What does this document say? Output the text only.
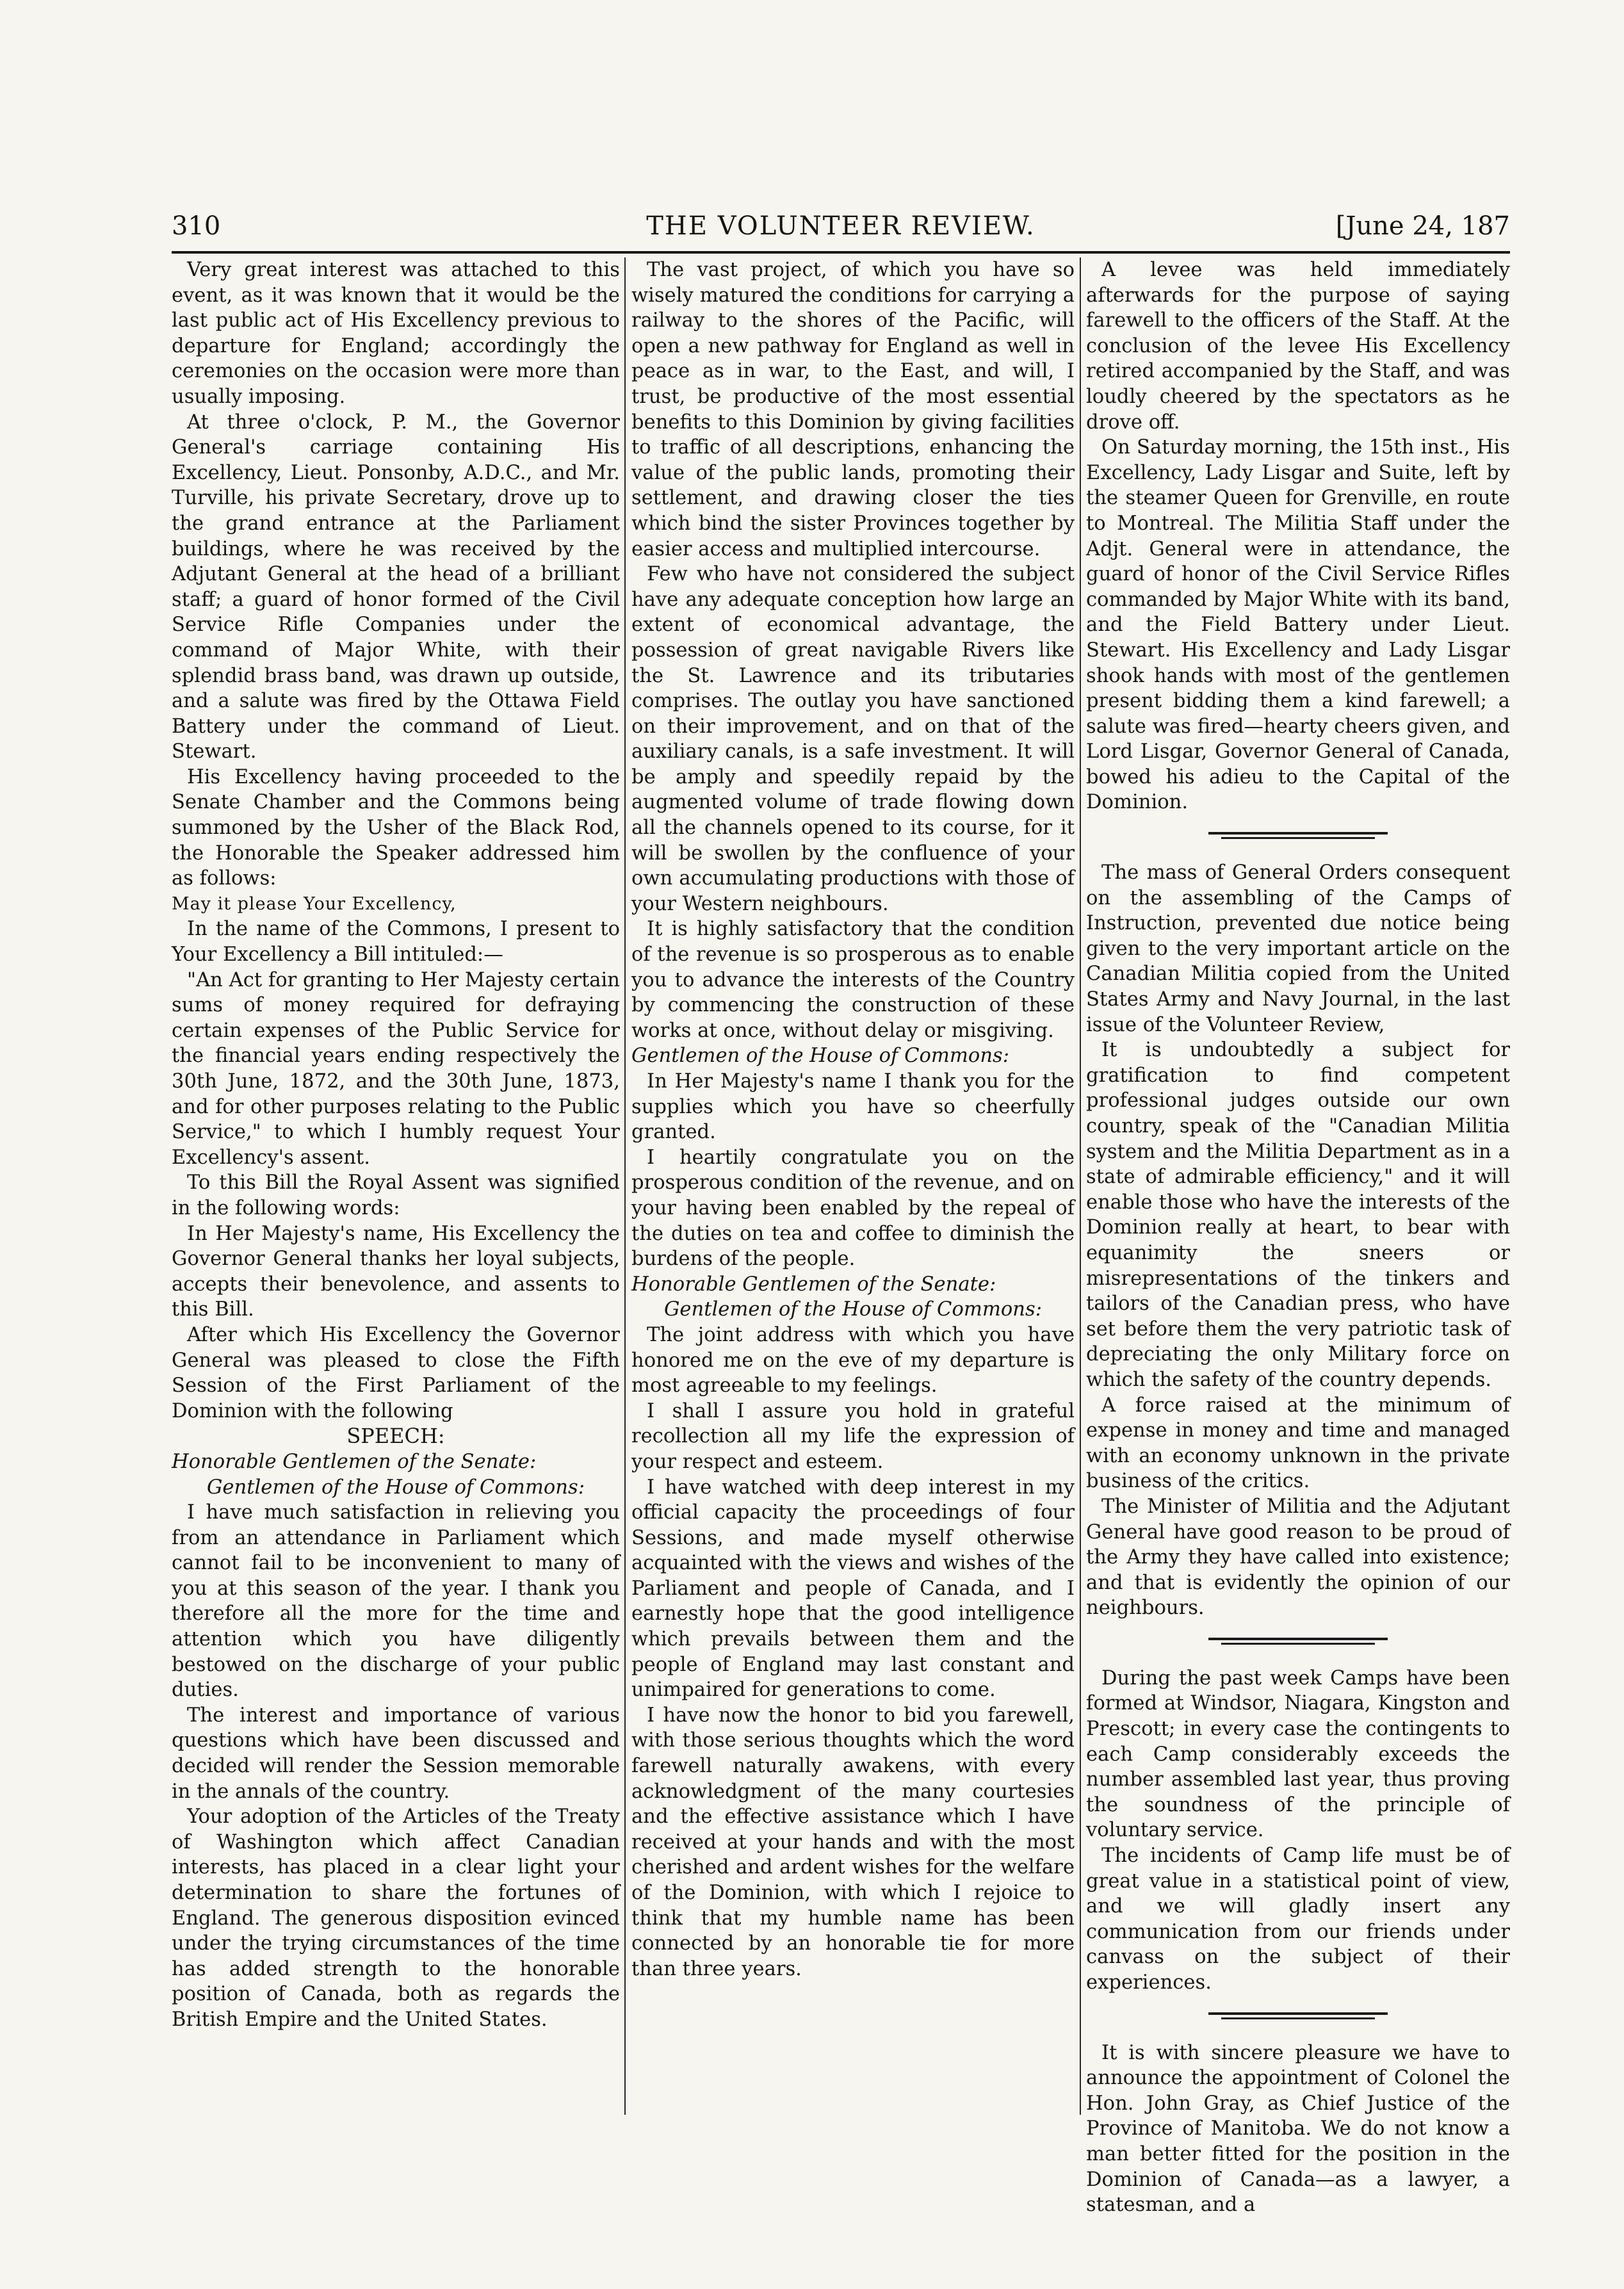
310	THE VOLUNTEER REVIEW.	[June 24, 187

Very great interest was attached to this event, as it was known that it would be the last public act of His Excellency previous to departure for England; accordingly the ceremonies on the occasion were more than usually imposing.

At three o'clock, P. M., the Governor General's carriage containing His Excellency, Lieut. Ponsonby, A.D.C., and Mr. Turville, his private Secretary, drove up to the grand entrance at the Parliament buildings, where he was received by the Adjutant General at the head of a brilliant staff; a guard of honor formed of the Civil Service Rifle Companies under the command of Major White, with their splendid brass band, was drawn up outside, and a salute was fired by the Ottawa Field Battery under the command of Lieut. Stewart.

His Excellency having proceeded to the Senate Chamber and the Commons being summoned by the Usher of the Black Rod, the Honorable the Speaker addressed him as follows:

May it please Your Excellency,

In the name of the Commons, I present to Your Excellency a Bill intituled:—

"An Act for granting to Her Majesty certain sums of money required for defraying certain expenses of the Public Service for the financial years ending respectively the 30th June, 1872, and the 30th June, 1873, and for other purposes relating to the Public Service," to which I humbly request Your Excellency's assent.

To this Bill the Royal Assent was signified in the following words:

In Her Majesty's name, His Excellency the Governor General thanks her loyal subjects, accepts their benevolence, and assents to this Bill.

After which His Excellency the Governor General was pleased to close the Fifth Session of the First Parliament of the Dominion with the following

SPEECH:

Honorable Gentlemen of the Senate:

Gentlemen of the House of Commons:

I have much satisfaction in relieving you from an attendance in Parliament which cannot fail to be inconvenient to many of you at this season of the year. I thank you therefore all the more for the time and attention which you have diligently bestowed on the discharge of your public duties.

The interest and importance of various questions which have been discussed and decided will render the Session memorable in the annals of the country.

Your adoption of the Articles of the Treaty of Washington which affect Canadian interests, has placed in a clear light your determination to share the fortunes of England. The generous disposition evinced under the trying circumstances of the time has added strength to the honorable position of Canada, both as regards the British Empire and the United States.

The vast project, of which you have so wisely matured the conditions for carrying a railway to the shores of the Pacific, will open a new pathway for England as well in peace as in war, to the East, and will, I trust, be productive of the most essential benefits to this Dominion by giving facilities to traffic of all descriptions, enhancing the value of the public lands, promoting their settlement, and drawing closer the ties which bind the sister Provinces together by easier access and multiplied intercourse.

Few who have not considered the subject have any adequate conception how large an extent of economical advantage, the possession of great navigable Rivers like the St. Lawrence and its tributaries comprises. The outlay you have sanctioned on their improvement, and on that of the auxiliary canals, is a safe investment. It will be amply and speedily repaid by the augmented volume of trade flowing down all the channels opened to its course, for it will be swollen by the confluence of your own accumulating productions with those of your Western neighbours.

It is highly satisfactory that the condition of the revenue is so prosperous as to enable you to advance the interests of the Country by commencing the construction of these works at once, without delay or misgiving.

Gentlemen of the House of Commons:

In Her Majesty's name I thank you for the supplies which you have so cheerfully granted.

I heartily congratulate you on the prosperous condition of the revenue, and on your having been enabled by the repeal of the duties on tea and coffee to diminish the burdens of the people.

Honorable Gentlemen of the Senate:

Gentlemen of the House of Commons:

The joint address with which you have honored me on the eve of my departure is most agreeable to my feelings.

I shall I assure you hold in grateful recollection all my life the expression of your respect and esteem.

I have watched with deep interest in my official capacity the proceedings of four Sessions, and made myself otherwise acquainted with the views and wishes of the Parliament and people of Canada, and I earnestly hope that the good intelligence which prevails between them and the people of England may last constant and unimpaired for generations to come.

I have now the honor to bid you farewell, with those serious thoughts which the word farewell naturally awakens, with every acknowledgment of the many courtesies and the effective assistance which I have received at your hands and with the most cherished and ardent wishes for the welfare of the Dominion, with which I rejoice to think that my humble name has been connected by an honorable tie for more than three years.

A levee was held immediately afterwards for the purpose of saying farewell to the officers of the Staff. At the conclusion of the levee His Excellency retired accompanied by the Staff, and was loudly cheered by the spectators as he drove off.

On Saturday morning, the 15th inst., His Excellency, Lady Lisgar and Suite, left by the steamer Queen for Grenville, en route to Montreal. The Militia Staff under the Adjt. General were in attendance, the guard of honor of the Civil Service Rifles commanded by Major White with its band, and the Field Battery under Lieut. Stewart. His Excellency and Lady Lisgar shook hands with most of the gentlemen present bidding them a kind farewell; a salute was fired—hearty cheers given, and Lord Lisgar, Governor General of Canada, bowed his adieu to the Capital of the Dominion.

The mass of General Orders consequent on the assembling of the Camps of Instruction, prevented due notice being given to the very important article on the Canadian Militia copied from the United States Army and Navy Journal, in the last issue of the Volunteer Review,

It is undoubtedly a subject for gratification to find competent professional judges outside our own country, speak of the "Canadian Militia system and the Militia Department as in a state of admirable efficiency," and it will enable those who have the interests of the Dominion really at heart, to bear with equanimity the sneers or misrepresentations of the tinkers and tailors of the Canadian press, who have set before them the very patriotic task of depreciating the only Military force on which the safety of the country depends.

A force raised at the minimum of expense in money and time and managed with an economy unknown in the private business of the critics.

The Minister of Militia and the Adjutant General have good reason to be proud of the Army they have called into existence; and that is evidently the opinion of our neighbours.

During the past week Camps have been formed at Windsor, Niagara, Kingston and Prescott; in every case the contingents to each Camp considerably exceeds the number assembled last year, thus proving the soundness of the principle of voluntary service.

The incidents of Camp life must be of great value in a statistical point of view, and we will gladly insert any communication from our friends under canvass on the subject of their experiences.

It is with sincere pleasure we have to announce the appointment of Colonel the Hon. John Gray, as Chief Justice of the Province of Manitoba. We do not know a man better fitted for the position in the Dominion of Canada—as a lawyer, a statesman, and a
